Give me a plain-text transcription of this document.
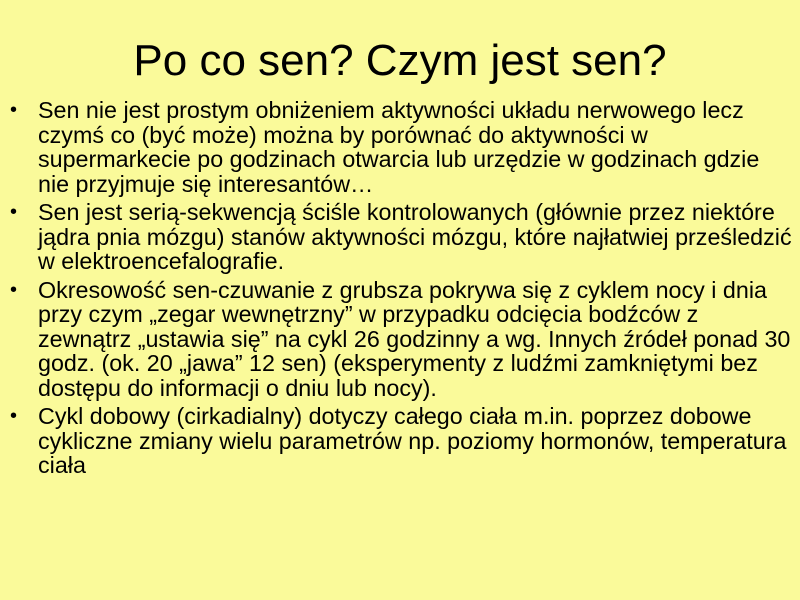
Po co sen? Czym jest sen?
• Sen nie jest prostym obniżeniem aktywności układu nerwowego lecz czymś co (być może) można by porównać do aktywności w supermarkecie po godzinach otwarcia lub urzędzie w godzinach gdzie nie przyjmuje się interesantów…
• Sen jest serią-sekwencją ściśle kontrolowanych (głównie przez niektóre jądra pnia mózgu) stanów aktywności mózgu, które najłatwiej prześledzić w elektroencefalografie.
• Okresowość sen-czuwanie z grubsza pokrywa się z cyklem nocy i dnia przy czym „zegar wewnętrzny” w przypadku odcięcia bodźców z zewnątrz „ustawia się” na cykl 26 godzinny a wg. Innych źródeł ponad 30 godz. (ok. 20 „jawa” 12 sen) (eksperymenty z ludźmi zamkniętymi bez dostępu do informacji o dniu lub nocy).
• Cykl dobowy (cirkadialny) dotyczy całego ciała m.in. poprzez dobowe cykliczne zmiany wielu parametrów np. poziomy hormonów, temperatura ciała
